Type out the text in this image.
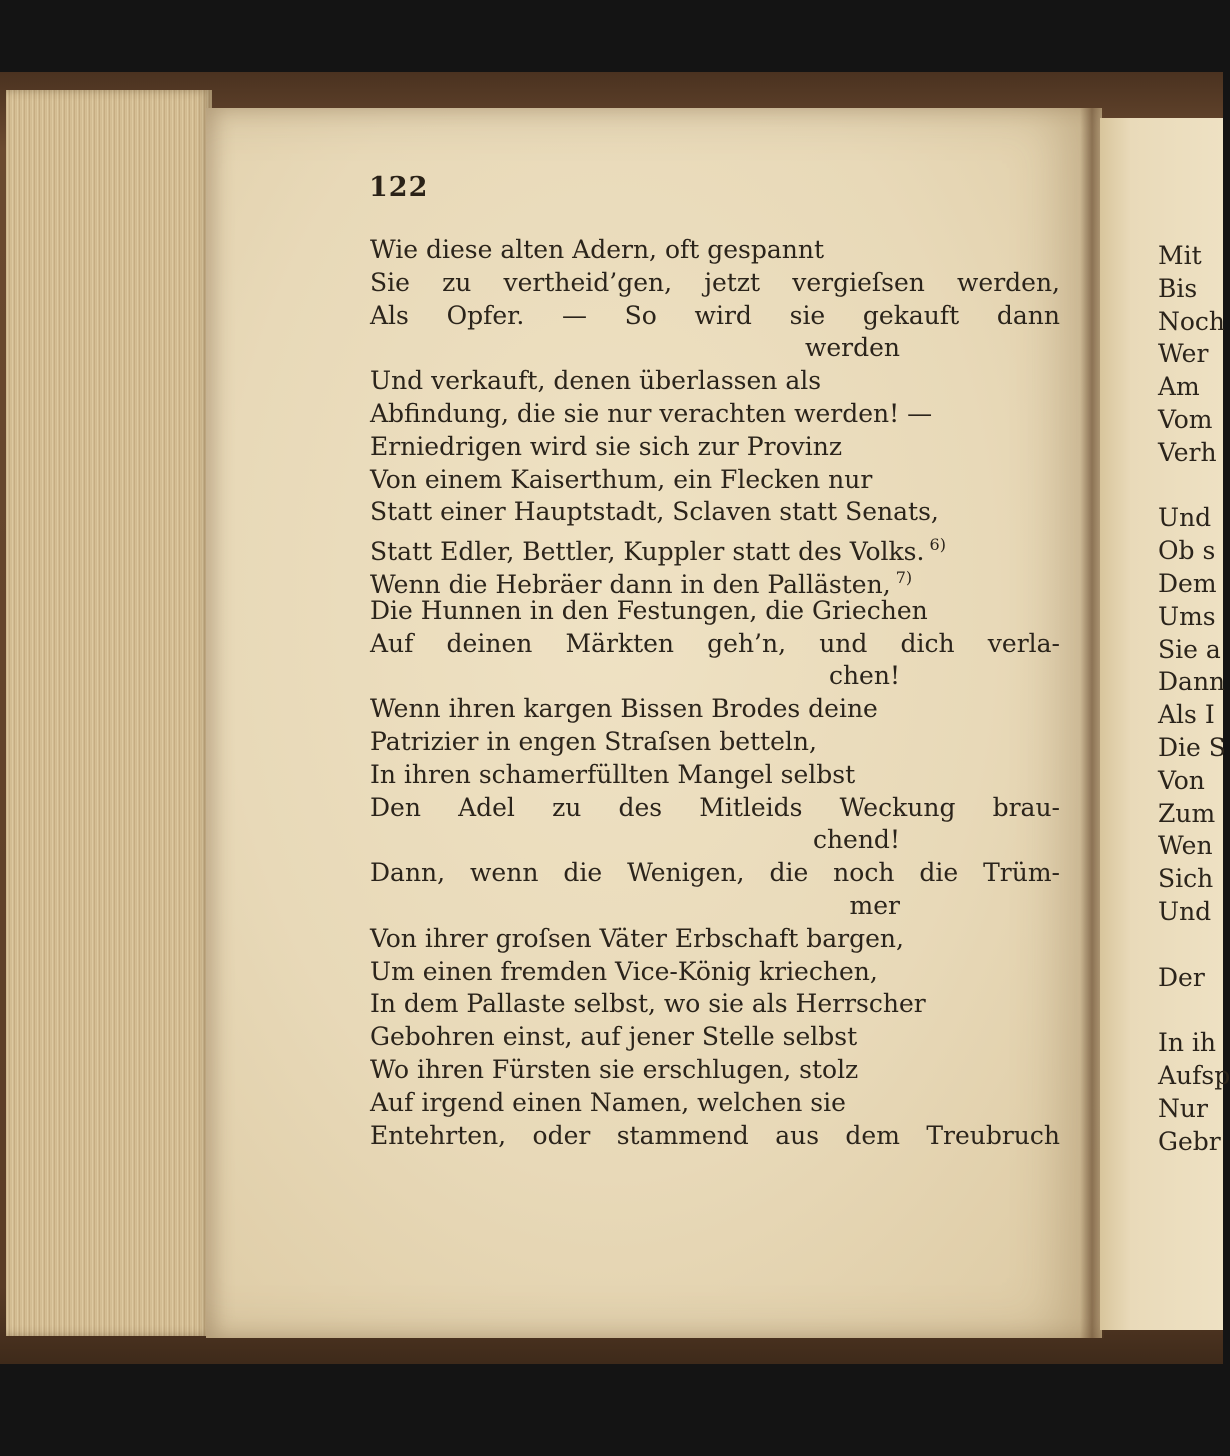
122
Wie diese alten Adern, oft gespannt
Sie zu vertheid’gen, jetzt vergieſsen werden,
Als Opfer. — So wird sie gekauft dann
werden
Und verkauft, denen überlassen als
Abfindung, die sie nur verachten werden! —
Erniedrigen wird sie sich zur Provinz
Von einem Kaiserthum, ein Flecken nur
Statt einer Hauptstadt, Sclaven statt Senats,
Statt Edler, Bettler, Kuppler statt des Volks. $^{6)}$
Wenn die Hebräer dann in den Pallästen, $^{7)}$
Die Hunnen in den Festungen, die Griechen
Auf deinen Märkten geh’n, und dich verla-
chen!
Wenn ihren kargen Bissen Brodes deine
Patrizier in engen Straſsen betteln,
In ihren schamerfüllten Mangel selbst
Den Adel zu des Mitleids Weckung brau-
chend!
Dann, wenn die Wenigen, die noch die Trüm-
mer
Von ihrer groſsen Väter Erbschaft bargen,
Um einen fremden Vice-König kriechen,
In dem Pallaste selbst, wo sie als Herrscher
Gebohren einst, auf jener Stelle selbst
Wo ihren Fürsten sie erschlugen, stolz
Auf irgend einen Namen, welchen sie
Entehrten, oder stammend aus dem Treubruch
Mit
Bis
Noch
Wer
Am
Vom
Verh
Und
Ob s
Dem
Ums
Sie a
Dann
Als I
Die S
Von
Zum
Wen
Sich
Und
Der
In ih
Aufsp
Nur
Gebr
